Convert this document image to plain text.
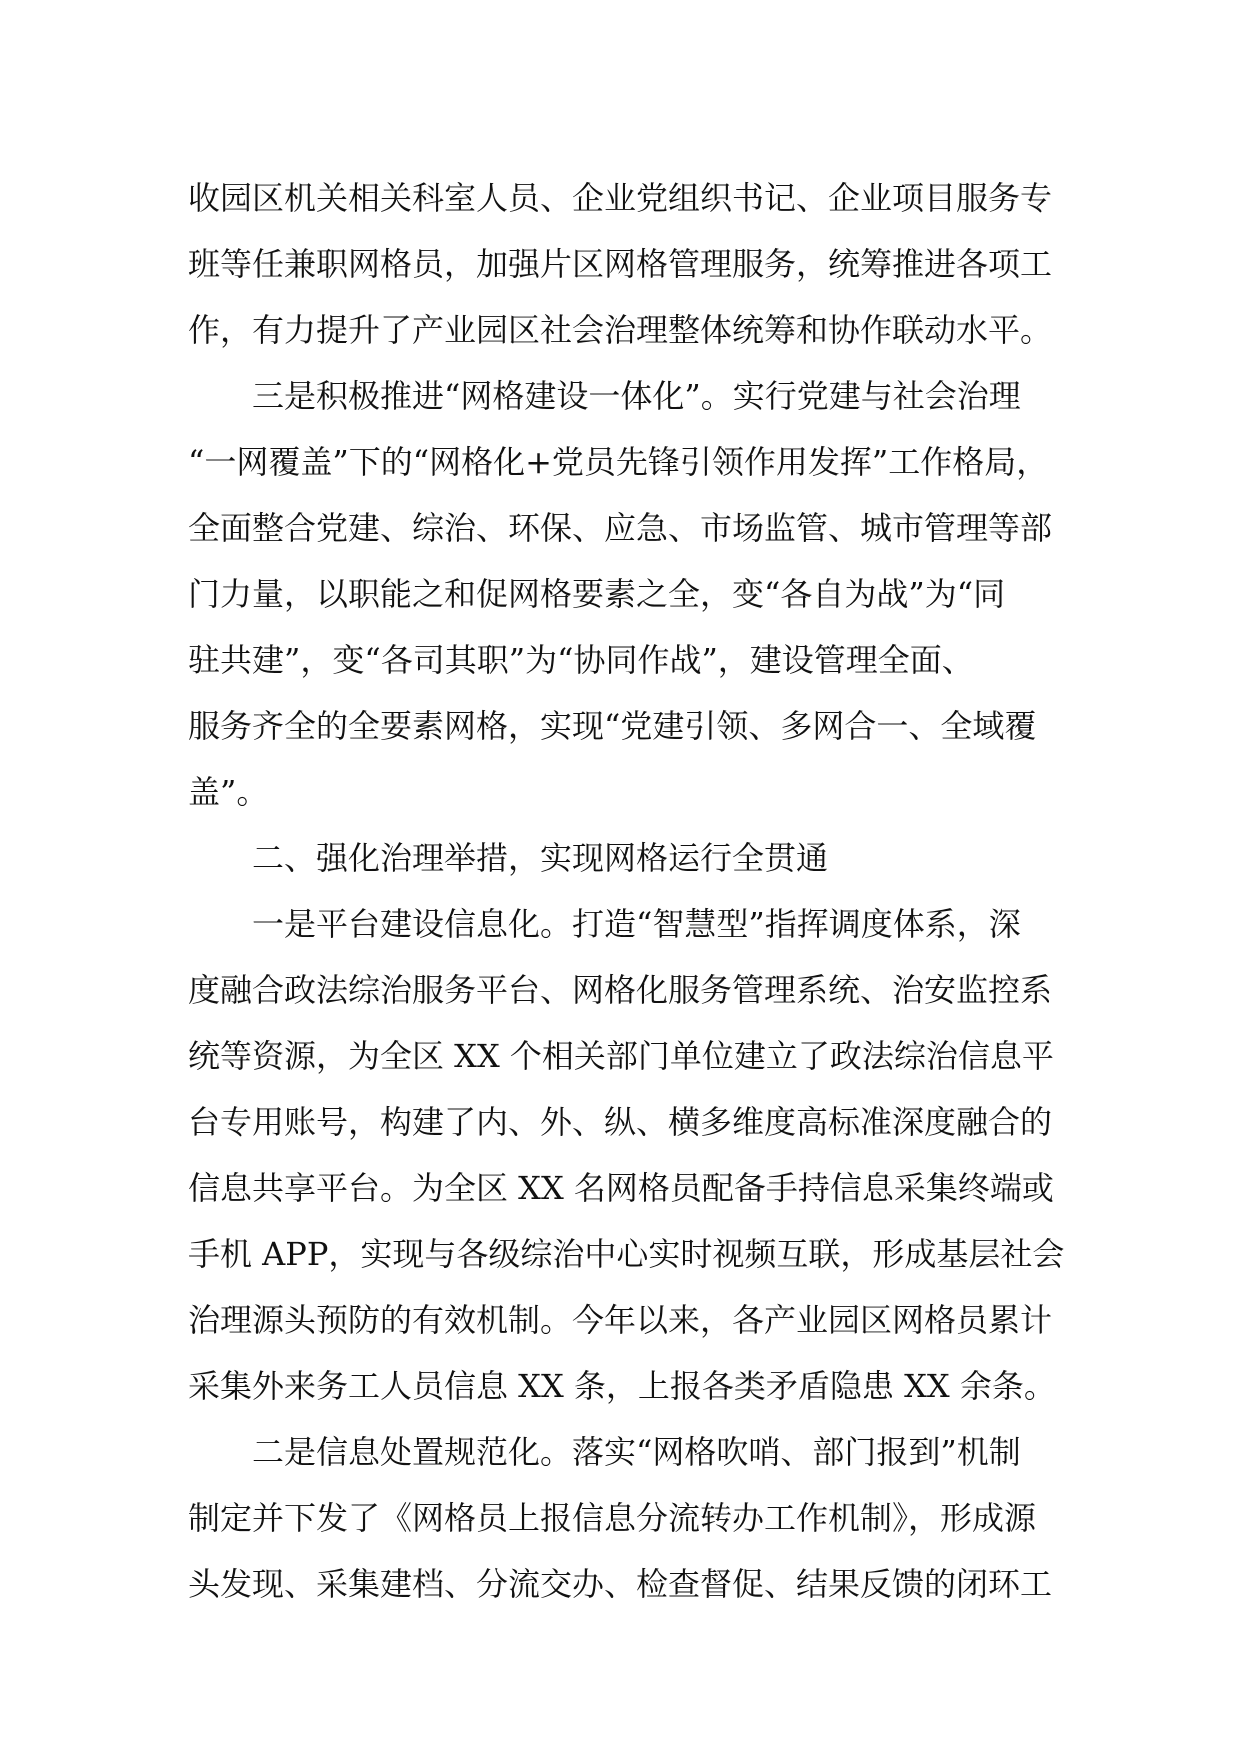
收园区机关相关科室人员、企业党组织书记、企业项目服务专
班等任兼职网格员，加强片区网格管理服务，统筹推进各项工
作，有力提升了产业园区社会治理整体统筹和协作联动水平。
三是积极推进“网格建设一体化”。实行党建与社会治理
“一网覆盖”下的“网格化+党员先锋引领作用发挥”工作格局，
全面整合党建、综治、环保、应急、市场监管、城市管理等部
门力量，以职能之和促网格要素之全，变“各自为战”为“同
驻共建”，变“各司其职”为“协同作战”，建设管理全面、
服务齐全的全要素网格，实现“党建引领、多网合一、全域覆
盖”。
二、强化治理举措，实现网格运行全贯通
一是平台建设信息化。打造“智慧型”指挥调度体系，深
度融合政法综治服务平台、网格化服务管理系统、治安监控系
统等资源，为全区 XX 个相关部门单位建立了政法综治信息平
台专用账号，构建了内、外、纵、横多维度高标准深度融合的
信息共享平台。为全区 XX 名网格员配备手持信息采集终端或
手机 APP，实现与各级综治中心实时视频互联，形成基层社会
治理源头预防的有效机制。今年以来，各产业园区网格员累计
采集外来务工人员信息 XX 条，上报各类矛盾隐患 XX 余条。
二是信息处置规范化。落实“网格吹哨、部门报到”机制
制定并下发了《网格员上报信息分流转办工作机制》，形成源
头发现、采集建档、分流交办、检查督促、结果反馈的闭环工
